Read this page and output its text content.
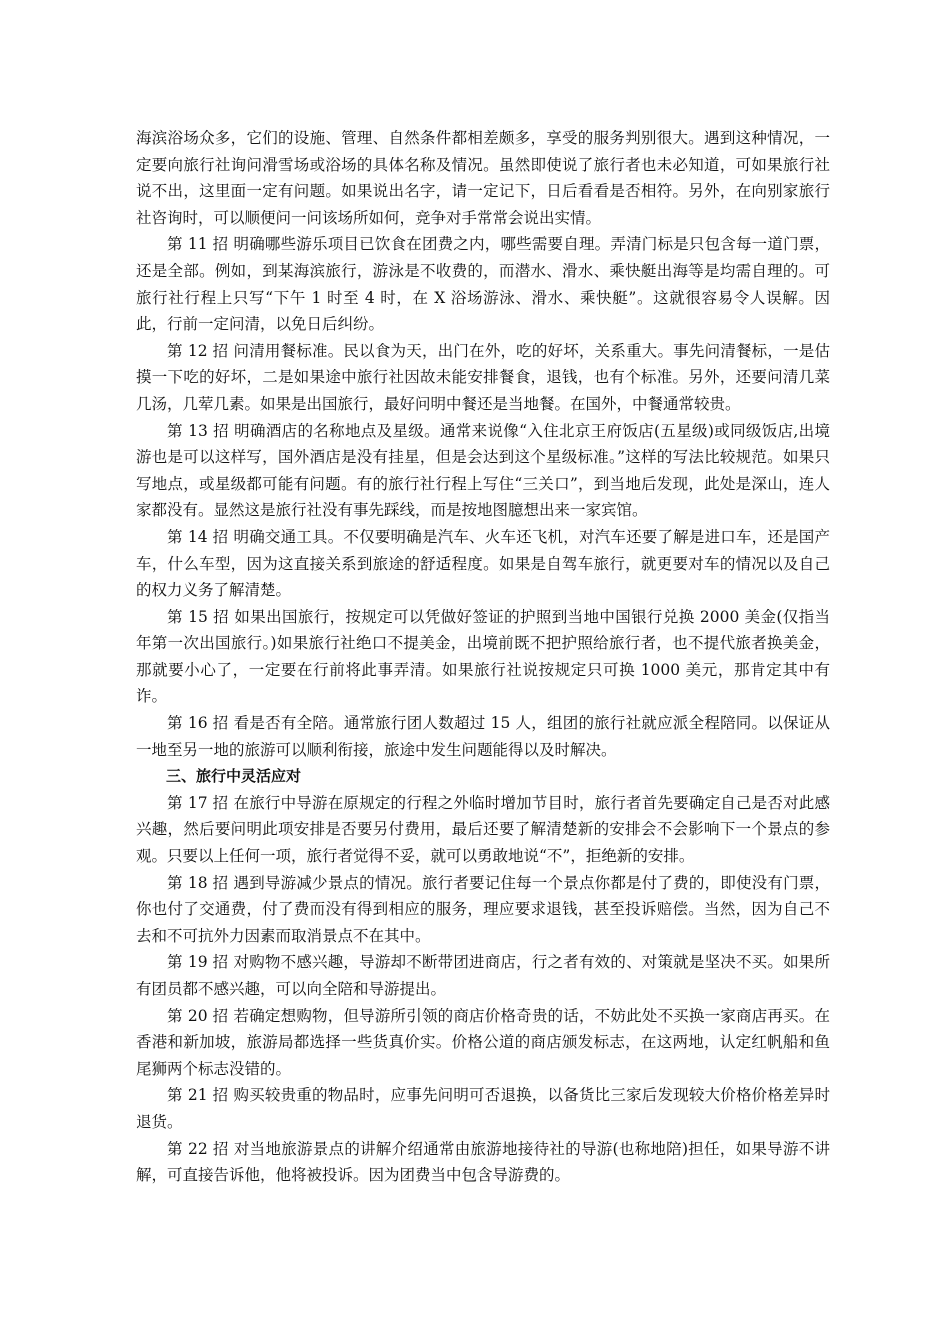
海滨浴场众多，它们的设施、管理、自然条件都相差颇多，享受的服务判别很大。遇到这种情况，一定要向旅行社询问滑雪场或浴场的具体名称及情况。虽然即使说了旅行者也未必知道，可如果旅行社说不出，这里面一定有问题。如果说出名字，请一定记下，日后看看是否相符。另外，在向别家旅行社咨询时，可以顺便问一问该场所如何，竞争对手常常会说出实情。

第 11 招 明确哪些游乐项目已饮食在团费之内，哪些需要自理。弄清门标是只包含每一道门票，还是全部。例如，到某海滨旅行，游泳是不收费的，而潜水、滑水、乘快艇出海等是均需自理的。可旅行社行程上只写“下午 1 时至 4 时，在 X 浴场游泳、滑水、乘快艇”。这就很容易令人误解。因此，行前一定问清，以免日后纠纷。

第 12 招 问清用餐标准。民以食为天，出门在外，吃的好坏，关系重大。事先问清餐标，一是估摸一下吃的好坏，二是如果途中旅行社因故未能安排餐食，退钱，也有个标准。另外，还要问清几菜几汤，几荤几素。如果是出国旅行，最好问明中餐还是当地餐。在国外，中餐通常较贵。

第 13 招 明确酒店的名称地点及星级。通常来说像“入住北京王府饭店(五星级)或同级饭店,出境游也是可以这样写，国外酒店是没有挂星，但是会达到这个星级标准。”这样的写法比较规范。如果只写地点，或星级都可能有问题。有的旅行社行程上写住“三关口”，到当地后发现，此处是深山，连人家都没有。显然这是旅行社没有事先踩线，而是按地图臆想出来一家宾馆。

第 14 招 明确交通工具。不仅要明确是汽车、火车还飞机，对汽车还要了解是进口车，还是国产车，什么车型，因为这直接关系到旅途的舒适程度。如果是自驾车旅行，就更要对车的情况以及自己的权力义务了解清楚。

第 15 招 如果出国旅行，按规定可以凭做好签证的护照到当地中国银行兑换 2000 美金(仅指当年第一次出国旅行。)如果旅行社绝口不提美金，出境前既不把护照给旅行者，也不提代旅者换美金，那就要小心了，一定要在行前将此事弄清。如果旅行社说按规定只可换 1000 美元，那肯定其中有诈。

第 16 招 看是否有全陪。通常旅行团人数超过 15 人，组团的旅行社就应派全程陪同。以保证从一地至另一地的旅游可以顺利衔接，旅途中发生问题能得以及时解决。

三、旅行中灵活应对

第 17 招 在旅行中导游在原规定的行程之外临时增加节目时，旅行者首先要确定自己是否对此感兴趣，然后要问明此项安排是否要另付费用，最后还要了解清楚新的安排会不会影响下一个景点的参观。只要以上任何一项，旅行者觉得不妥，就可以勇敢地说“不”，拒绝新的安排。

第 18 招 遇到导游减少景点的情况。旅行者要记住每一个景点你都是付了费的，即使没有门票，你也付了交通费，付了费而没有得到相应的服务，理应要求退钱，甚至投诉赔偿。当然，因为自己不去和不可抗外力因素而取消景点不在其中。

第 19 招 对购物不感兴趣，导游却不断带团进商店，行之者有效的、对策就是坚决不买。如果所有团员都不感兴趣，可以向全陪和导游提出。

第 20 招 若确定想购物，但导游所引领的商店价格奇贵的话，不妨此处不买换一家商店再买。在香港和新加坡，旅游局都选择一些货真价实。价格公道的商店颁发标志，在这两地，认定红帆船和鱼尾狮两个标志没错的。

第 21 招 购买较贵重的物品时，应事先问明可否退换，以备货比三家后发现较大价格价格差异时退货。

第 22 招 对当地旅游景点的讲解介绍通常由旅游地接待社的导游(也称地陪)担任，如果导游不讲解，可直接告诉他，他将被投诉。因为团费当中包含导游费的。
